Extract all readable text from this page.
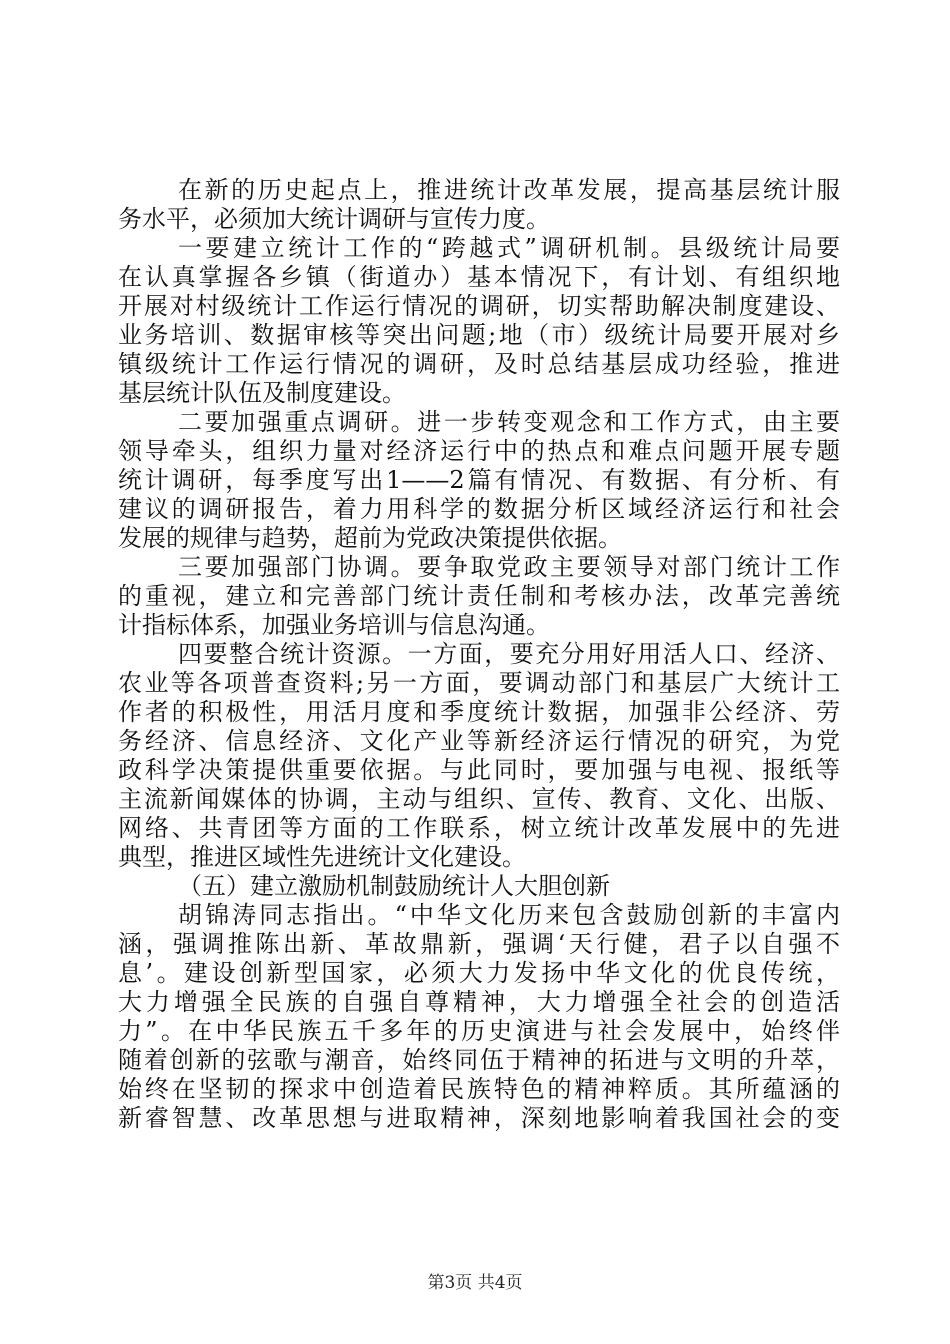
在新的历史起点上，推进统计改革发展，提高基层统计服
务水平，必须加大统计调研与宣传力度。
一要建立统计工作的“跨越式”调研机制。县级统计局要
在认真掌握各乡镇（街道办）基本情况下，有计划、有组织地
开展对村级统计工作运行情况的调研，切实帮助解决制度建设、
业务培训、数据审核等突出问题;地（市）级统计局要开展对乡
镇级统计工作运行情况的调研，及时总结基层成功经验，推进
基层统计队伍及制度建设。
二要加强重点调研。进一步转变观念和工作方式，由主要
领导牵头，组织力量对经济运行中的热点和难点问题开展专题
统计调研，每季度写出1——2篇有情况、有数据、有分析、有
建议的调研报告，着力用科学的数据分析区域经济运行和社会
发展的规律与趋势，超前为党政决策提供依据。
三要加强部门协调。要争取党政主要领导对部门统计工作
的重视，建立和完善部门统计责任制和考核办法，改革完善统
计指标体系，加强业务培训与信息沟通。
四要整合统计资源。一方面，要充分用好用活人口、经济、
农业等各项普查资料;另一方面，要调动部门和基层广大统计工
作者的积极性，用活月度和季度统计数据，加强非公经济、劳
务经济、信息经济、文化产业等新经济运行情况的研究，为党
政科学决策提供重要依据。与此同时，要加强与电视、报纸等
主流新闻媒体的协调，主动与组织、宣传、教育、文化、出版、
网络、共青团等方面的工作联系，树立统计改革发展中的先进
典型，推进区域性先进统计文化建设。
（五）建立激励机制鼓励统计人大胆创新
胡锦涛同志指出。“中华文化历来包含鼓励创新的丰富内
涵，强调推陈出新、革故鼎新，强调‘天行健，君子以自强不
息’。建设创新型国家，必须大力发扬中华文化的优良传统，
大力增强全民族的自强自尊精神，大力增强全社会的创造活
力”。在中华民族五千多年的历史演进与社会发展中，始终伴
随着创新的弦歌与潮音，始终同伍于精神的拓进与文明的升萃，
始终在坚韧的探求中创造着民族特色的精神粹质。其所蕴涵的
新睿智慧、改革思想与进取精神，深刻地影响着我国社会的变
第3页 共4页
